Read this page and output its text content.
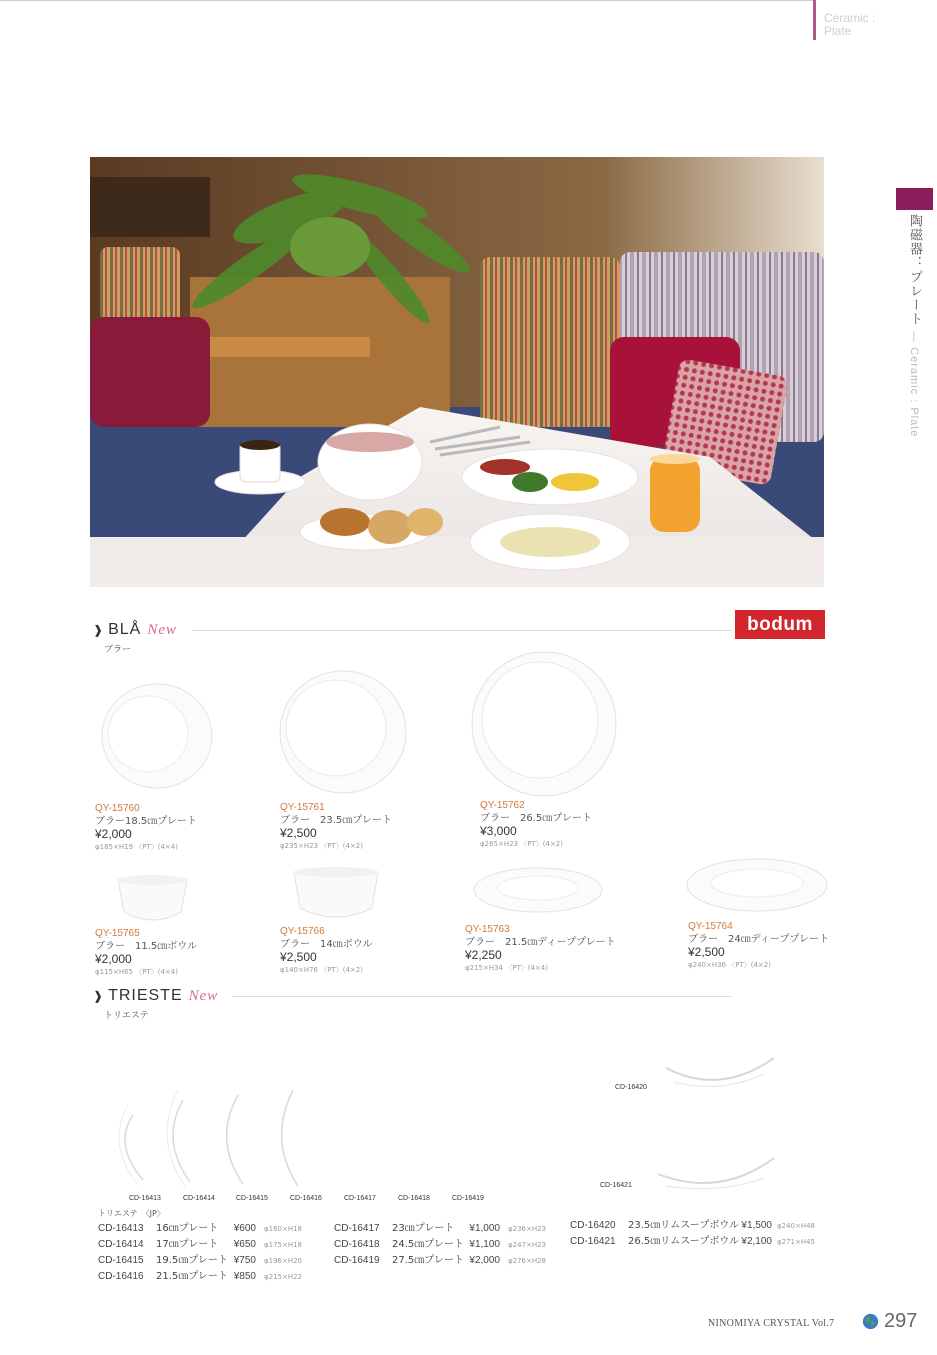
Ceramic :
Plate
陶磁器：プレート — Ceramic : Plate
❱ BLÅ New
ブラー
bodum
QY-15760
ブラー18.5㎝プレート
¥2,000
φ185×H19 〈PT〉(4×4)
QY-15761
ブラー　23.5㎝プレート
¥2,500
φ235×H23 〈PT〉(4×2)
QY-15762
ブラー　26.5㎝プレート
¥3,000
φ265×H23 〈PT〉(4×2)
QY-15765
ブラー　11.5㎝ボウル
¥2,000
φ115×H65 〈PT〉(4×4)
QY-15766
ブラー　14㎝ボウル
¥2,500
φ140×H76 〈PT〉(4×2)
QY-15763
ブラー　21.5㎝ディーププレート
¥2,250
φ215×H34 〈PT〉(4×4)
QY-15764
ブラー　24㎝ディーププレート
¥2,500
φ240×H36 〈PT〉(4×2)
❱ TRIESTE New
トリエステ
CD-16420
CD-16421
CD-16413	CD-16414	CD-16415	CD-16416	CD-16417	CD-16418	CD-16419
トリエステ　〈JP〉
CD-16413 16㎝プレート ¥600 φ160×H18
CD-16414 17㎝プレート ¥650 φ175×H18
CD-16415 19.5㎝プレート ¥750 φ196×H20
CD-16416 21.5㎝プレート ¥850 φ215×H22
CD-16417 23㎝プレート ¥1,000 φ236×H23
CD-16418 24.5㎝プレート ¥1,100 φ247×H23
CD-16419 27.5㎝プレート ¥2,000 φ276×H28
CD-16420 23.5㎝リムスープボウル ¥1,500 φ240×H48
CD-16421 26.5㎝リムスープボウル ¥2,100 φ271×H45
NINOMIYA CRYSTAL Vol.7 297
